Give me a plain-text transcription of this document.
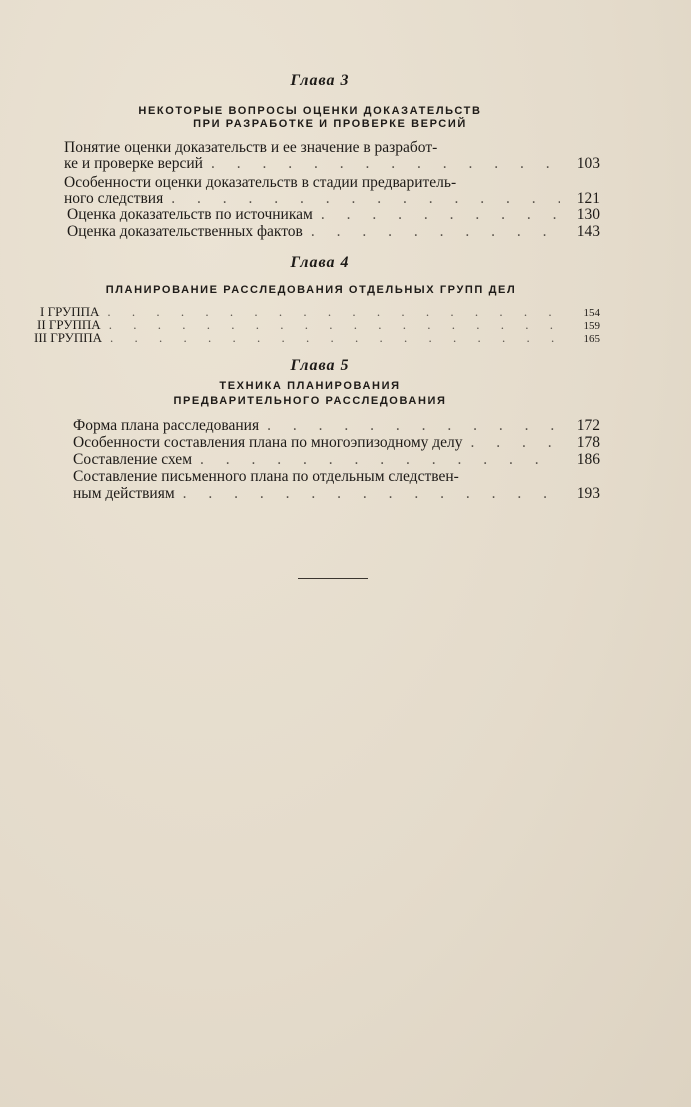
Глава 3
НЕКОТОРЫЕ ВОПРОСЫ ОЦЕНКИ ДОКАЗАТЕЛЬСТВ
ПРИ РАЗРАБОТКЕ И ПРОВЕРКЕ ВЕРСИЙ
Понятие оценки доказательств и ее значение в разработ-
ке и проверке версий . . .	103
Особенности оценки доказательств в стадии предваритель-
ного следствия . . .	121
Оценка доказательств по источникам . . .	130
Оценка доказательственных фактов . . .	143
Глава 4
ПЛАНИРОВАНИЕ РАССЛЕДОВАНИЯ ОТДЕЛЬНЫХ ГРУПП ДЕЛ
I ГРУППА . . .	154
II ГРУППА . . .	159
III ГРУППА . . .	165
Глава 5
ТЕХНИКА ПЛАНИРОВАНИЯ
ПРЕДВАРИТЕЛЬНОГО РАССЛЕДОВАНИЯ
Форма плана расследования . . .	172
Особенности составления плана по многоэпизодному делу . . .	178
Составление схем . . .	186
Составление письменного плана по отдельным следствен-
ным действиям . . .	193
